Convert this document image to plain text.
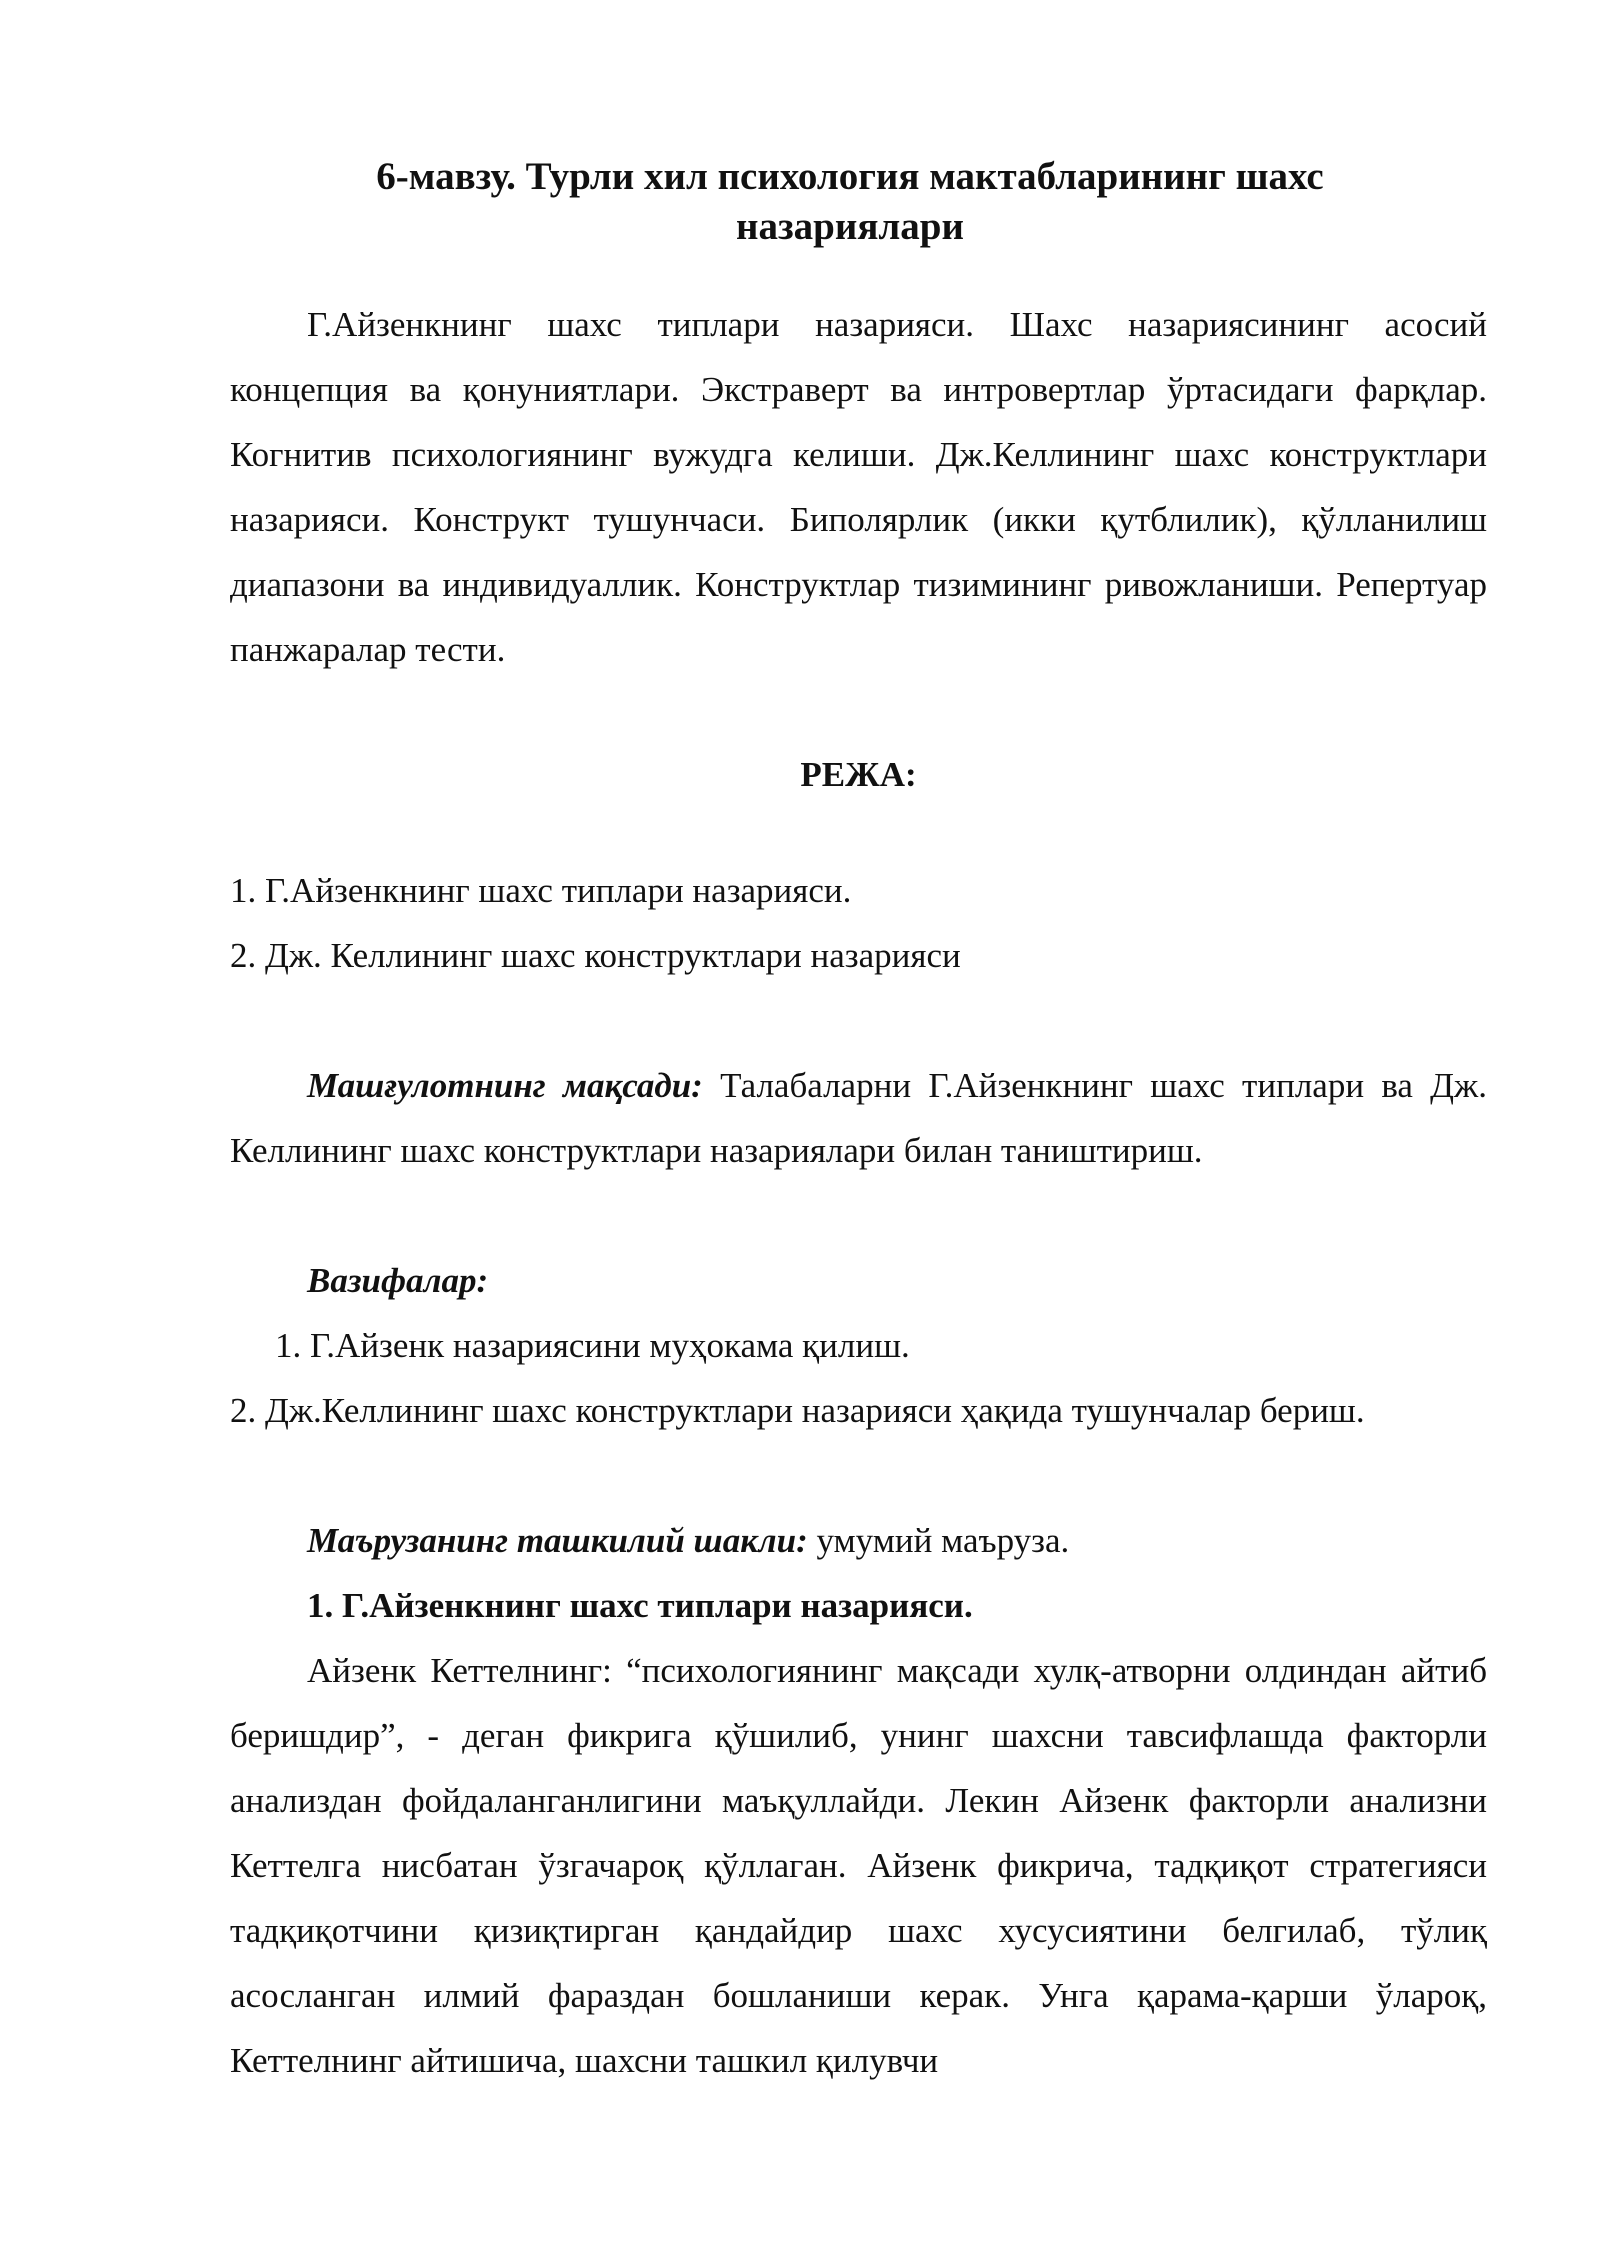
6-мавзу. Турли хил психология мактабларининг шахс назариялари

Г.Айзенкнинг шахс типлари назарияси. Шахс назариясининг асосий концепция ва қонуниятлари. Экстраверт ва интровертлар ўртасидаги фарқлар. Когнитив психологиянинг вужудга келиши. Дж.Келлининг шахс конструктлари назарияси. Конструкт тушунчаси. Биполярлик (икки қутблилик), қўлланилиш диапазони ва индивидуаллик. Конструктлар тизимининг ривожланиши. Репертуар панжаралар тести.

РЕЖА:

1. Г.Айзенкнинг шахс типлари назарияси.

2. Дж. Келлининг шахс конструктлари назарияси

Машғулотнинг мақсади: Талабаларни Г.Айзенкнинг шахс типлари ва Дж. Келлининг шахс конструктлари назариялари билан таништириш.

Вазифалар:

1. Г.Айзенк назариясини муҳокама қилиш.

2. Дж.Келлининг шахс конструктлари назарияси ҳақида тушунчалар бериш.

Маърузанинг ташкилий шакли: умумий маъруза.

1. Г.Айзенкнинг шахс типлари назарияси.

Айзенк Кеттелнинг: “психологиянинг мақсади хулқ-атворни олдиндан айтиб беришдир”, - деган фикрига қўшилиб, унинг шахсни тавсифлашда факторли анализдан фойдаланганлигини маъқуллайди. Лекин Айзенк факторли анализни Кеттелга нисбатан ўзгачароқ қўллаган. Айзенк фикрича, тадқиқот стратегияси тадқиқотчини қизиқтирган қандайдир шахс хусусиятини белгилаб, тўлиқ асосланган илмий фараздан бошланиши керак. Унга қарама-қарши ўлароқ, Кеттелнинг айтишича, шахсни ташкил қилувчи
